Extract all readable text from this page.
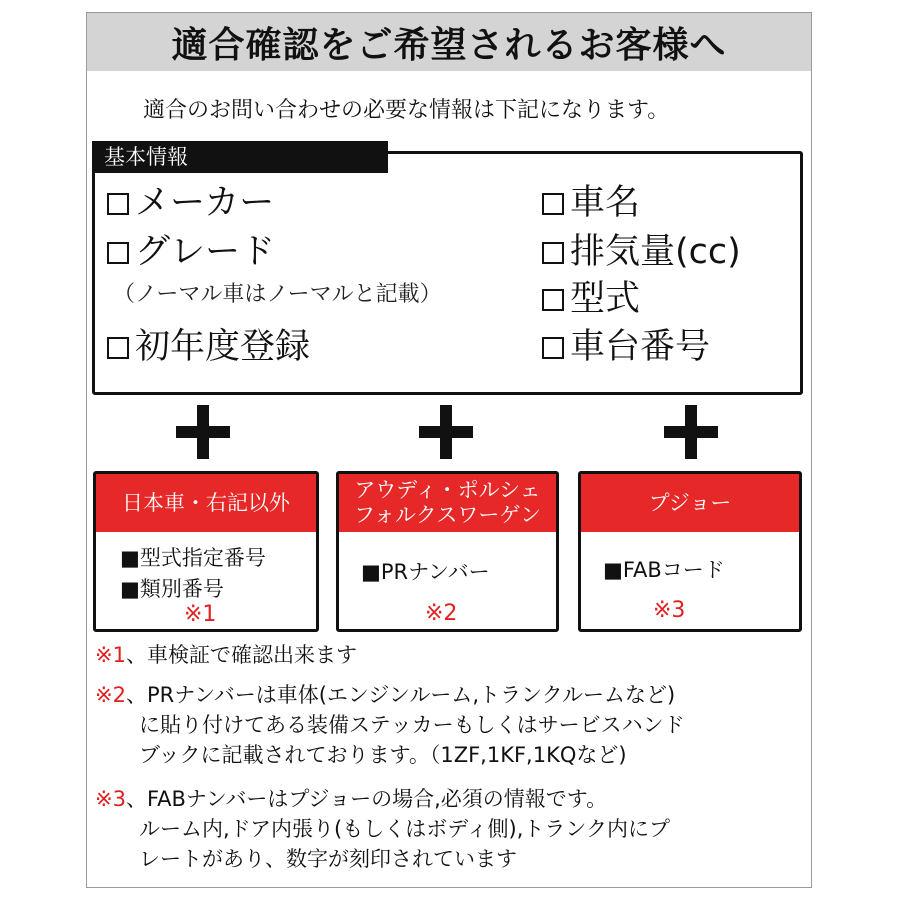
適合確認をご希望されるお客様へ
適合のお問い合わせの必要な情報は下記になります。
基本情報
メーカー
グレード
（ノーマル車はノーマルと記載）
初年度登録
車名
排気量(cc)
型式
車台番号
日本車・右記以外
■型式指定番号
■類別番号
※1
アウディ・ポルシェ
フォルクスワーゲン
■PRナンバー
※2
プジョー
■FABコード
※3
※1、車検証で確認出来ます
※2、PRナンバーは車体(エンジンルーム,トランクルームなど)
に貼り付けてある装備ステッカーもしくはサービスハンド
ブックに記載されております。（1ZF,1KF,1KQなど)
※3、FABナンバーはプジョーの場合,必須の情報です。
ルーム内,ドア内張り(もしくはボディ側),トランク内にプ
レートがあり、数字が刻印されています
